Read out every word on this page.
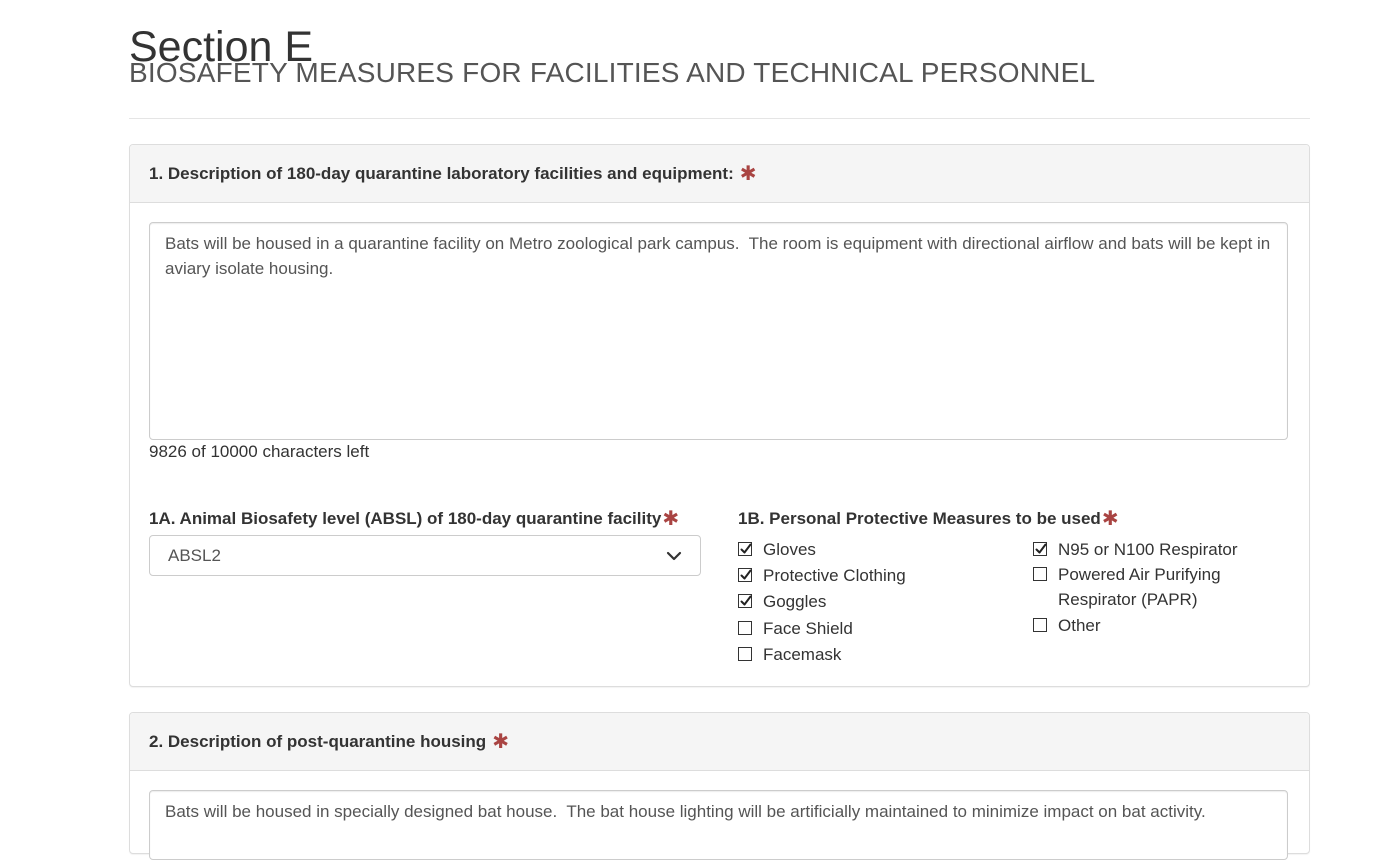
Section E
BIOSAFETY MEASURES FOR FACILITIES AND TECHNICAL PERSONNEL
1. Description of 180-day quarantine laboratory facilities and equipment: ✱
Bats will be housed in a quarantine facility on Metro zoological park campus.  The room is equipment with directional airflow and bats will be kept in aviary isolate housing.
9826 of 10000 characters left
1A. Animal Biosafety level (ABSL) of 180-day quarantine facility✱
ABSL2
1B. Personal Protective Measures to be used✱
Gloves
Protective Clothing
Goggles
Face Shield
Facemask
N95 or N100 Respirator
Powered Air Purifying
Respirator (PAPR)
Other
2. Description of post-quarantine housing ✱
Bats will be housed in specially designed bat house.  The bat house lighting will be artificially maintained to minimize impact on bat activity.
